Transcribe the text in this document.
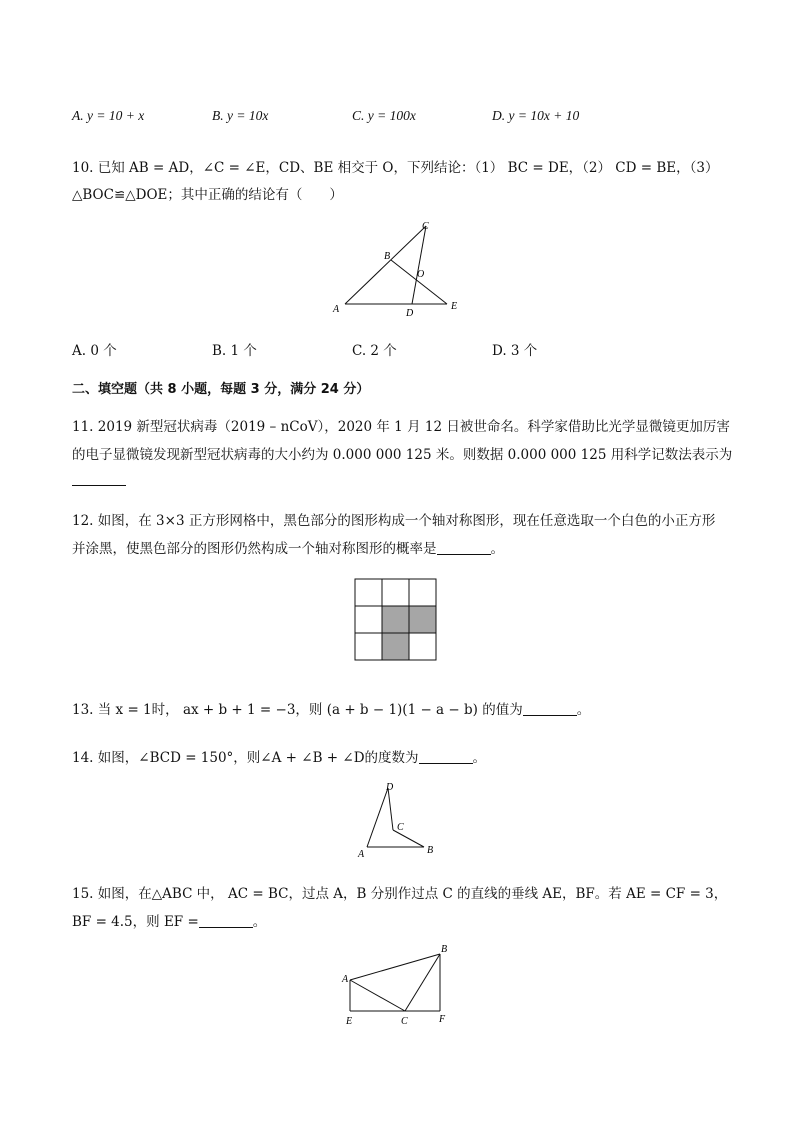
A. y = 10 + x	B. y = 10x	C. y = 100x	D. y = 10x + 10
10. 已知 AB = AD，∠C = ∠E，CD、BE 相交于 O，下列结论：（1） BC = DE，（2） CD = BE，（3）
△BOC≌△DOE；其中正确的结论有（　　）
A
B
C
D
E
O
A. 0 个	B. 1 个	C. 2 个	D. 3 个
二、填空题（共 8 小题，每题 3 分，满分 24 分）
11. 2019 新型冠状病毒（2019 – nCoV），2020 年 1 月 12 日被世命名。科学家借助比光学显微镜更加厉害
的电子显微镜发现新型冠状病毒的大小约为 0.000 000 125 米。则数据 0.000 000 125 用科学记数法表示为
12. 如图，在 3×3 正方形网格中，黑色部分的图形构成一个轴对称图形，现在任意选取一个白色的小正方形
并涂黑，使黑色部分的图形仍然构成一个轴对称图形的概率是	。
13. 当 x = 1时， ax + b + 1 = −3，则 (a + b − 1)(1 − a − b) 的值为	。
14. 如图，∠BCD = 150°，则∠A + ∠B + ∠D的度数为	。
A	B
C
D
15. 如图，在△ABC 中， AC = BC，过点 A，B 分别作过点 C 的直线的垂线 AE，BF。若 AE = CF = 3，
BF = 4.5，则 EF =	。
A
B
C
E	F
